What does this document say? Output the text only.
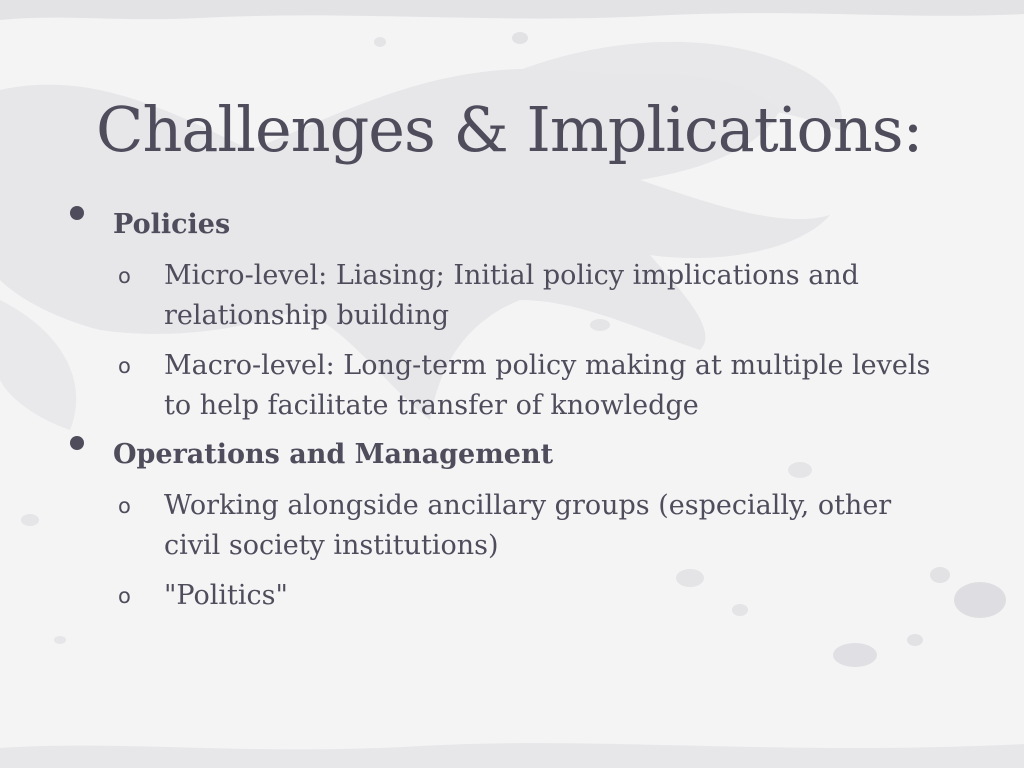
Challenges & Implications:
Policies
o Micro-level: Liasing; Initial policy implications and relationship building

o Macro-level: Long-term policy making at multiple levels to help facilitate transfer of knowledge

Operations and Management
o Working alongside ancillary groups (especially, other civil society institutions)

o "Politics"
